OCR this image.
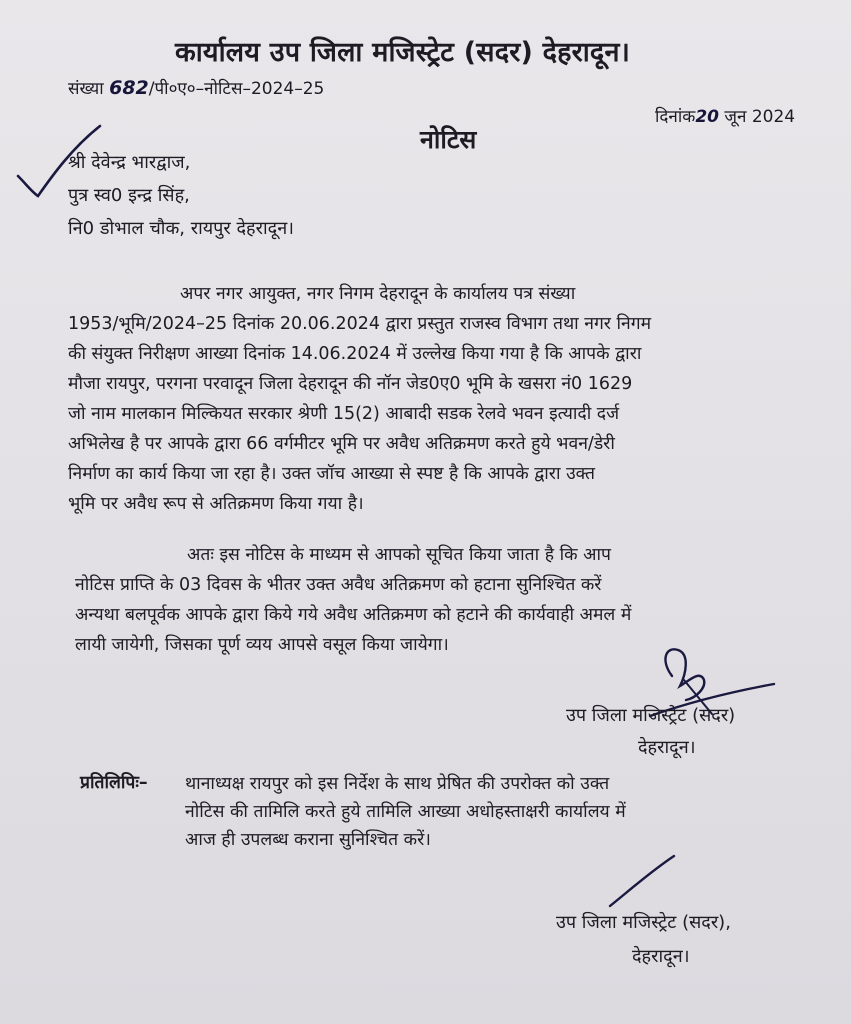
कार्यालय उप जिला मजिस्ट्रेट (सदर) देहरादून।
संख्या 682/पी०ए०–नोटिस–2024–25
दिनांक20 जून 2024
नोटिस
श्री देवेन्द्र भारद्वाज,
पुत्र स्व0 इन्द्र सिंह,
नि0 डोभाल चौक, रायपुर देहरादून।
अपर नगर आयुक्त, नगर निगम देहरादून के कार्यालय पत्र संख्या
1953/भूमि/2024–25 दिनांक 20.06.2024 द्वारा प्रस्तुत राजस्व विभाग तथा नगर निगम
की संयुक्त निरीक्षण आख्या दिनांक 14.06.2024 में उल्लेख किया गया है कि आपके द्वारा
मौजा रायपुर, परगना परवादून जिला देहरादून की नॉन जेड0ए0 भूमि के खसरा नं0 1629
जो नाम मालकान मिल्कियत सरकार श्रेणी 15(2) आबादी सडक रेलवे भवन इत्यादी दर्ज
अभिलेख है पर आपके द्वारा 66 वर्गमीटर भूमि पर अवैध अतिक्रमण करते हुये भवन/डेरी
निर्माण का कार्य किया जा रहा है। उक्त जॉच आख्या से स्पष्ट है कि आपके द्वारा उक्त
भूमि पर अवैध रूप से अतिक्रमण किया गया है।
अतः इस नोटिस के माध्यम से आपको सूचित किया जाता है कि आप
नोटिस प्राप्ति के 03 दिवस के भीतर उक्त अवैध अतिक्रमण को हटाना सुनिश्चित करें
अन्यथा बलपूर्वक आपके द्वारा किये गये अवैध अतिक्रमण को हटाने की कार्यवाही अमल में
लायी जायेगी, जिसका पूर्ण व्यय आपसे वसूल किया जायेगा।
उप जिला मजिस्ट्रेट (सदर)
देहरादून।
प्रतिलिपिः– थानाध्यक्ष रायपुर को इस निर्देश के साथ प्रेषित की उपरोक्त को उक्त
नोटिस की तामिलि करते हुये तामिलि आख्या अधोहस्ताक्षरी कार्यालय में
आज ही उपलब्ध कराना सुनिश्चित करें।
उप जिला मजिस्ट्रेट (सदर),
देहरादून।
